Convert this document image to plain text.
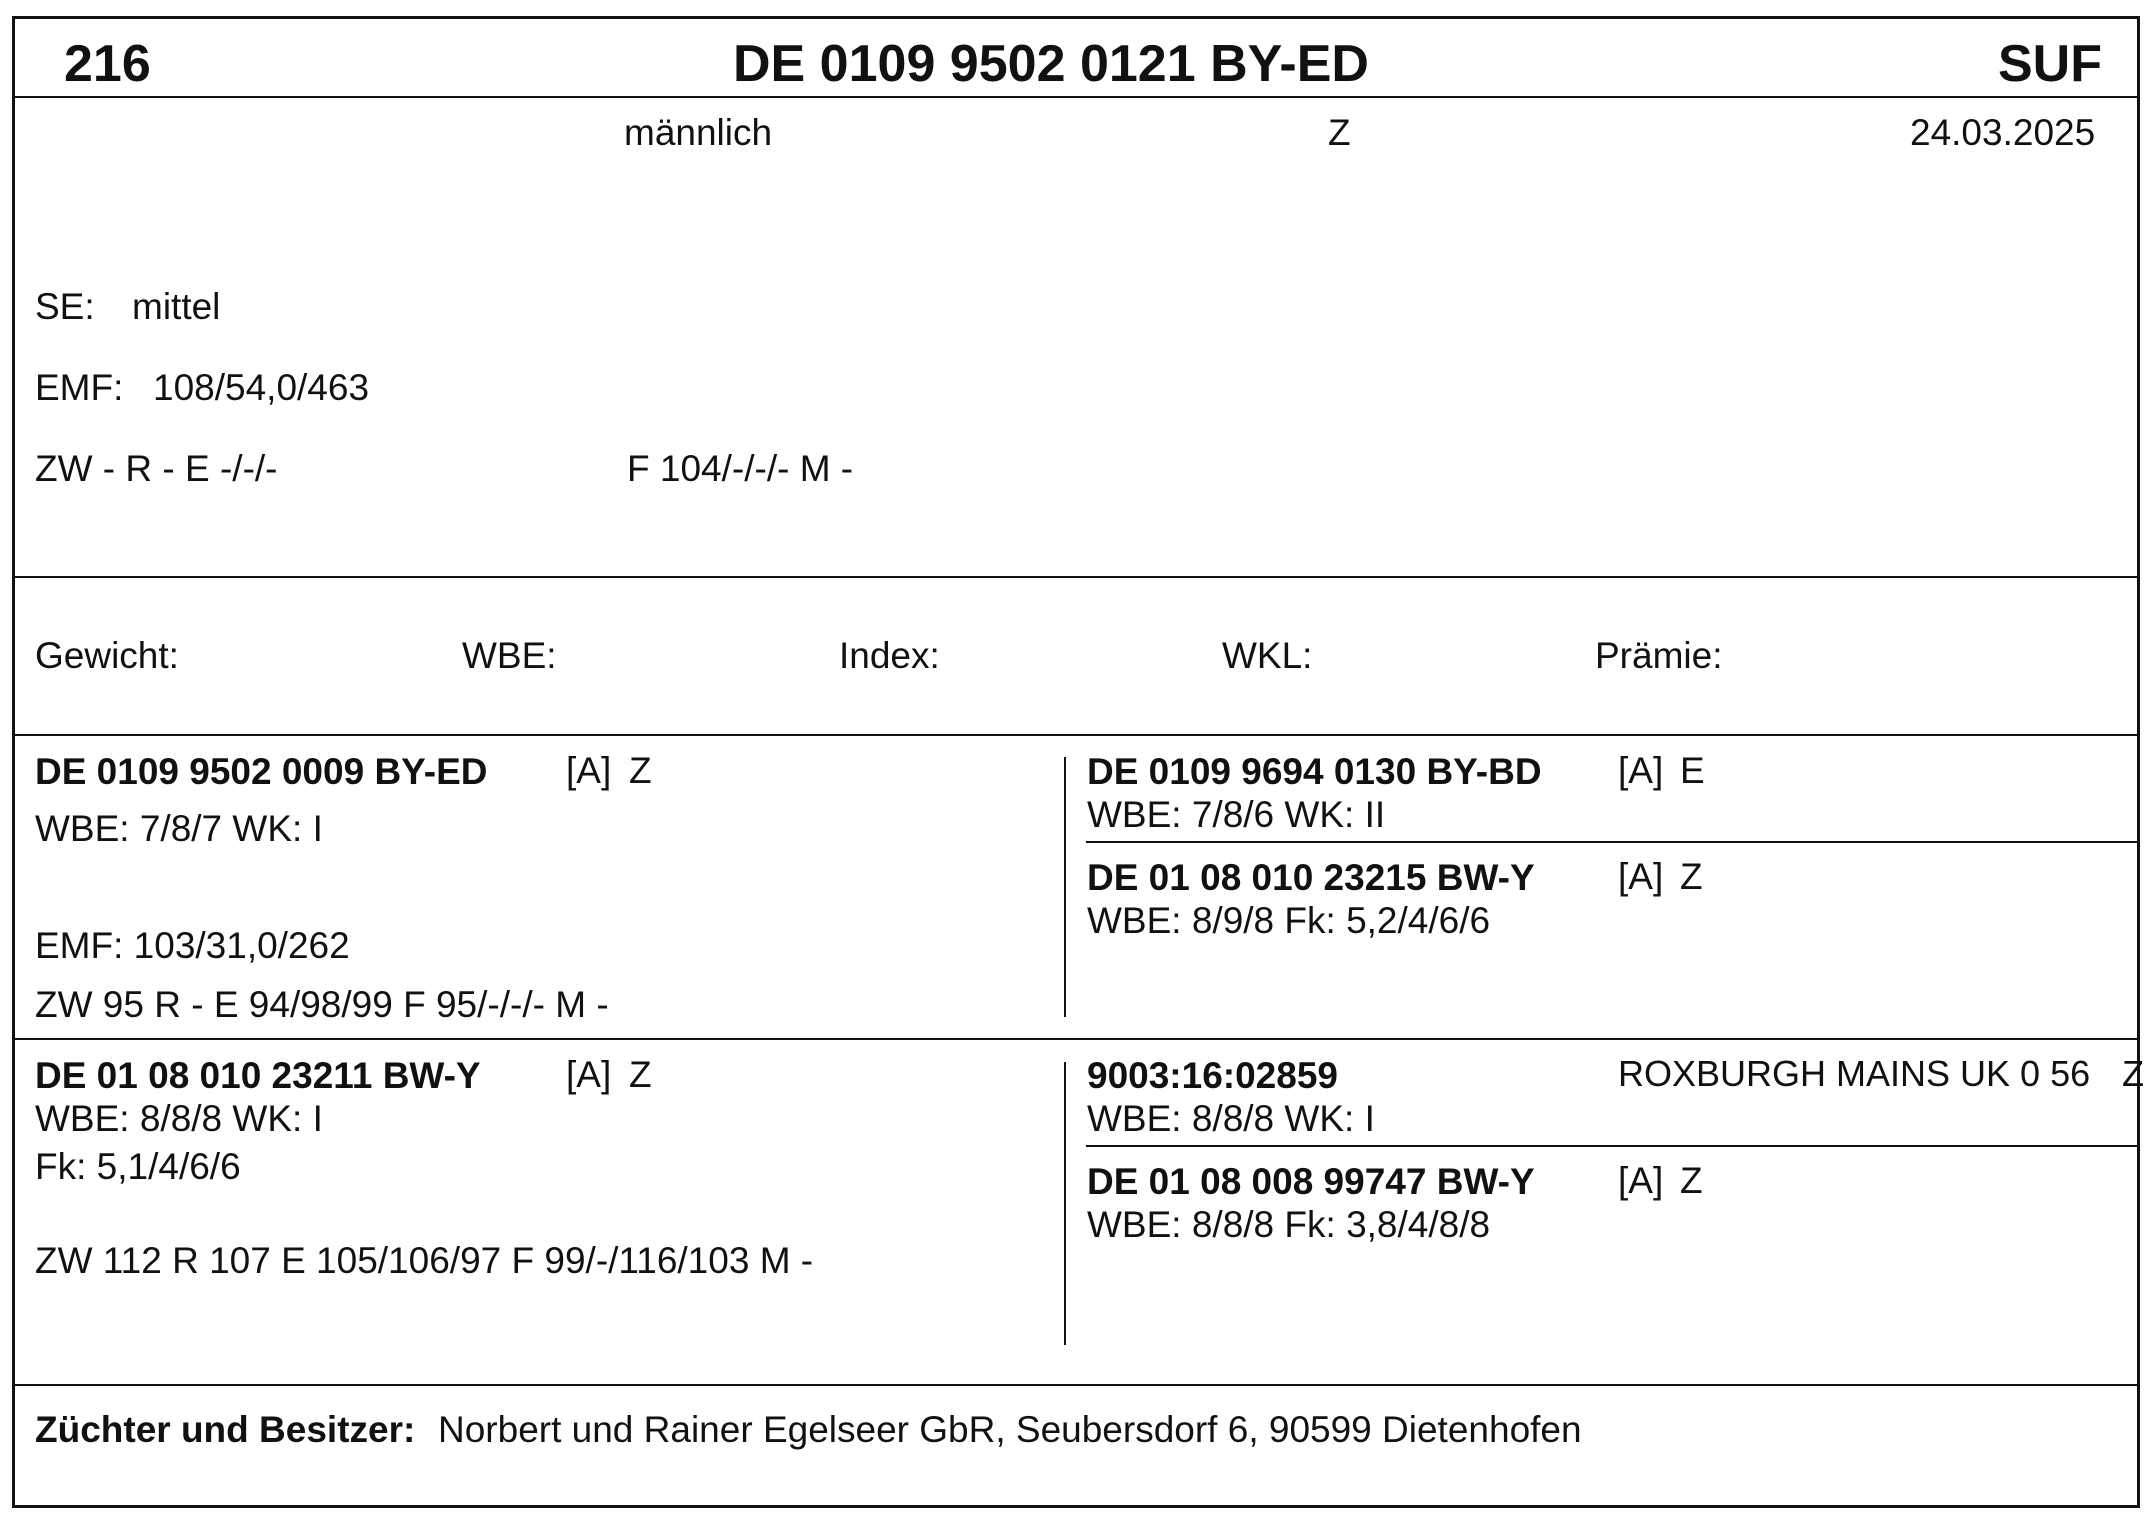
216	DE 0109 9502 0121 BY-ED	SUF
männlich	Z	24.03.2025
SE: mittel
EMF: 108/54,0/463
ZW - R - E -/-/-	F 104/-/-/- M -
Gewicht:	WBE:	Index:	WKL:	Prämie:
DE 0109 9502 0009 BY-ED [A] Z
WBE: 7/8/7 WK: I
EMF: 103/31,0/262
ZW 95 R - E 94/98/99 F 95/-/-/- M -
DE 0109 9694 0130 BY-BD [A] E
WBE: 7/8/6 WK: II
DE 01 08 010 23215 BW-Y [A] Z
WBE: 8/9/8 Fk: 5,2/4/6/6
DE 01 08 010 23211 BW-Y [A] Z
WBE: 8/8/8 WK: I
Fk: 5,1/4/6/6
ZW 112 R 107 E 105/106/97 F 99/-/116/103 M -
9003:16:02859	ROXBURGH MAINS UK 0 56 Z
WBE: 8/8/8 WK: I
DE 01 08 008 99747 BW-Y [A] Z
WBE: 8/8/8 Fk: 3,8/4/8/8
Züchter und Besitzer: Norbert und Rainer Egelseer GbR, Seubersdorf 6, 90599 Dietenhofen
